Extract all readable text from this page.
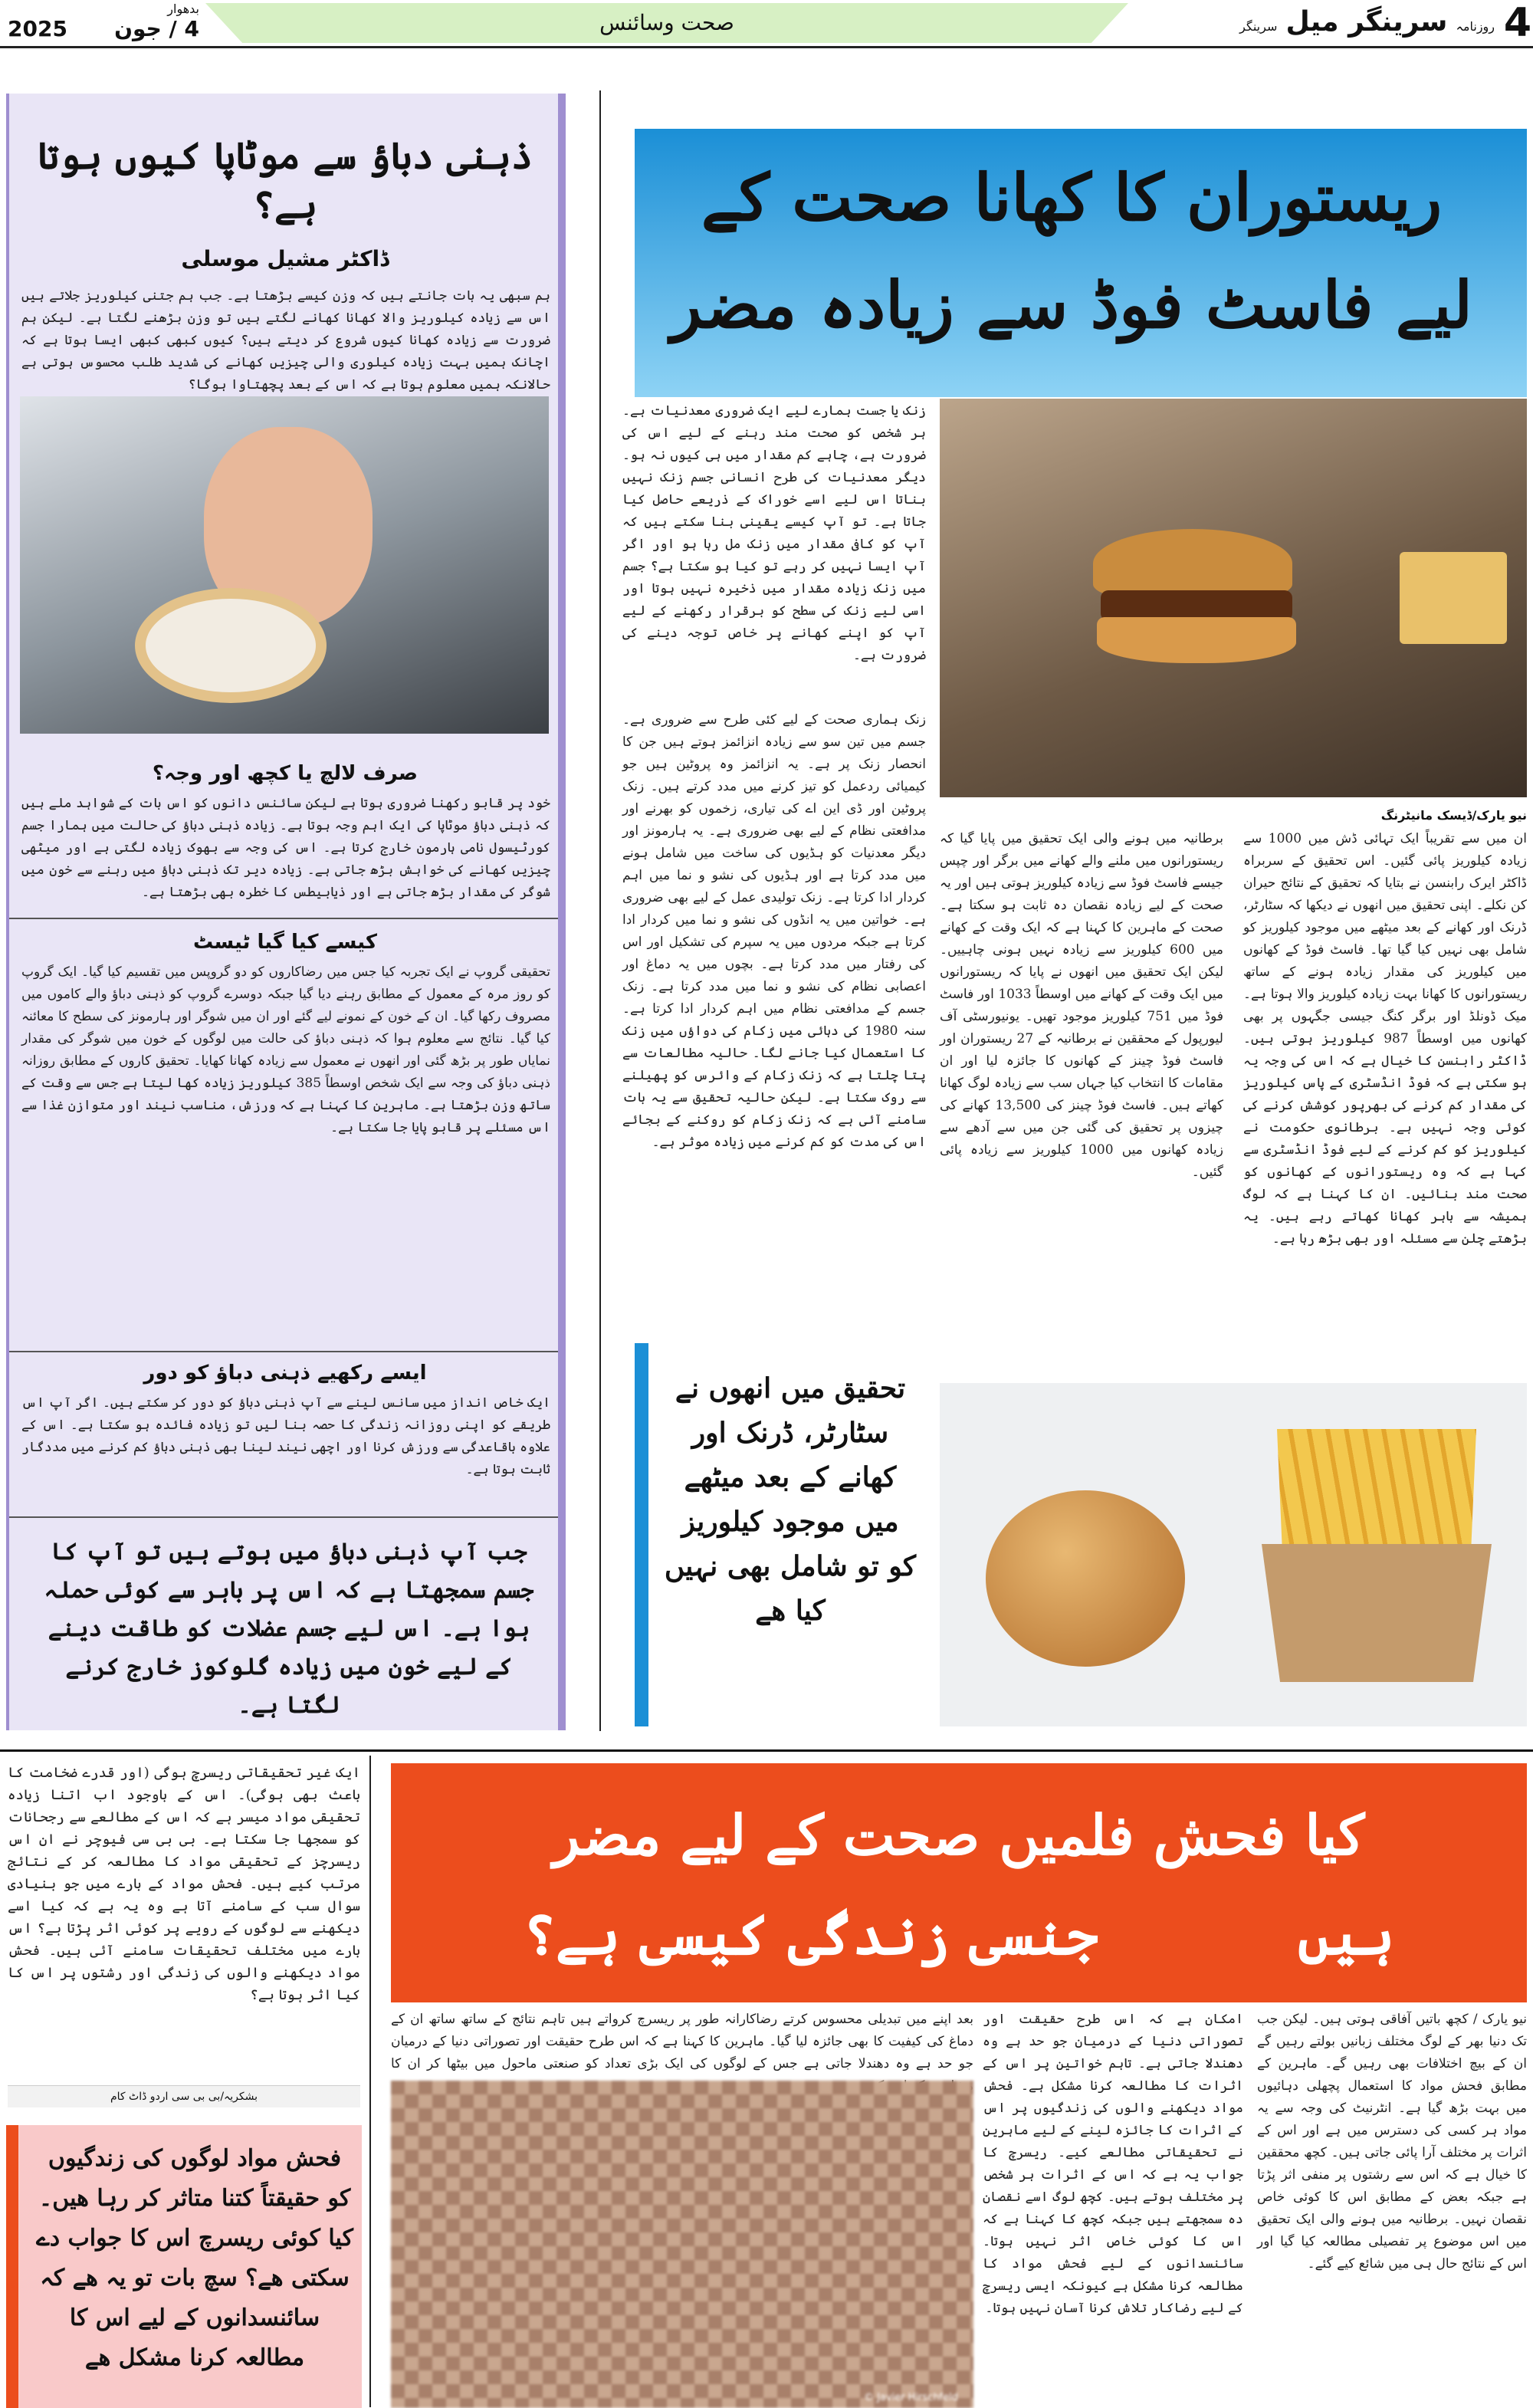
4
روزنامہ سرینگر میل سرینگر
صحت وسائنس
بدھوار
2025 4 / جون
ذہنی دباؤ سے موٹاپا کیوں ہوتا ہے؟
ڈاکٹر مشیل موسلی
ہم سبھی یہ بات جانتے ہیں کہ وزن کیسے بڑھتا ہے۔ جب ہم جتنی کیلوریز جلاتے ہیں اس سے زیادہ کیلوریز والا کھانا کھانے لگتے ہیں تو وزن بڑھنے لگتا ہے۔ لیکن ہم ضرورت سے زیادہ کھانا کیوں شروع کر دیتے ہیں؟ کیوں کبھی کبھی ایسا ہوتا ہے کہ اچانک ہمیں بہت زیادہ کیلوری والی چیزیں کھانے کی شدید طلب محسوس ہوتی ہے حالانکہ ہمیں معلوم ہوتا ہے کہ اس کے بعد پچھتاوا ہوگا؟
صرف لالچ یا کچھ اور وجہ؟
خود پر قابو رکھنا ضروری ہوتا ہے لیکن سائنس دانوں کو اس بات کے شواہد ملے ہیں کہ ذہنی دباؤ موٹاپا کی ایک اہم وجہ ہوتا ہے۔ زیادہ ذہنی دباؤ کی حالت میں ہمارا جسم کورٹیسول نامی ہارمون خارج کرتا ہے۔ اس کی وجہ سے بھوک زیادہ لگتی ہے اور میٹھی چیزیں کھانے کی خواہش بڑھ جاتی ہے۔ زیادہ دیر تک ذہنی دباؤ میں رہنے سے خون میں شوگر کی مقدار بڑھ جاتی ہے اور ذیابیطس کا خطرہ بھی بڑھتا ہے۔
کیسے کیا گیا ٹیسٹ
تحقیقی گروپ نے ایک تجربہ کیا جس میں رضاکاروں کو دو گروپس میں تقسیم کیا گیا۔ ایک گروپ کو روز مرہ کے معمول کے مطابق رہنے دیا گیا جبکہ دوسرے گروپ کو ذہنی دباؤ والے کاموں میں مصروف رکھا گیا۔ ان کے خون کے نمونے لیے گئے اور ان میں شوگر اور ہارمونز کی سطح کا معائنہ کیا گیا۔ نتائج سے معلوم ہوا کہ ذہنی دباؤ کی حالت میں لوگوں کے خون میں شوگر کی مقدار نمایاں طور پر بڑھ گئی اور انھوں نے معمول سے زیادہ کھانا کھایا۔ تحقیق کاروں کے مطابق روزانہ ذہنی دباؤ کی وجہ سے ایک شخص اوسطاً 385 کیلوریز زیادہ کھا لیتا ہے جس سے وقت کے ساتھ وزن بڑھتا ہے۔ ماہرین کا کہنا ہے کہ ورزش، مناسب نیند اور متوازن غذا سے اس مسئلے پر قابو پایا جا سکتا ہے۔
ایسے رکھیے ذہنی دباؤ کو دور
ایک خاص انداز میں سانس لینے سے آپ ذہنی دباؤ کو دور کر سکتے ہیں۔ اگر آپ اس طریقے کو اپنی روزانہ زندگی کا حصہ بنا لیں تو زیادہ فائدہ ہو سکتا ہے۔ اس کے علاوہ باقاعدگی سے ورزش کرنا اور اچھی نیند لینا بھی ذہنی دباؤ کم کرنے میں مددگار ثابت ہوتا ہے۔
جب آپ ذہنی دباؤ میں ہوتے ہیں تو آپ کا جسم سمجھتا ہے کہ اس پر باہر سے کوئی حملہ ہوا ہے۔ اس لیے جسم عضلات کو طاقت دینے کے لیے خون میں زیادہ گلوکوز خارج کرنے لگتا ہے۔
ریستوران کا کھانا صحت کے
لیے فاسٹ فوڈ سے زیادہ مضر
زنک یا جست ہمارے لیے ایک ضروری معدنیات ہے۔ ہر شخص کو صحت مند رہنے کے لیے اس کی ضرورت ہے، چاہے کم مقدار میں ہی کیوں نہ ہو۔ دیگر معدنیات کی طرح انسانی جسم زنک نہیں بناتا اس لیے اسے خوراک کے ذریعے حاصل کیا جاتا ہے۔ تو آپ کیسے یقینی بنا سکتے ہیں کہ آپ کو کافی مقدار میں زنک مل رہا ہو اور اگر آپ ایسا نہیں کر رہے تو کیا ہو سکتا ہے؟ جسم میں زنک زیادہ مقدار میں ذخیرہ نہیں ہوتا اور اسی لیے زنک کی سطح کو برقرار رکھنے کے لیے آپ کو اپنے کھانے پر خاص توجہ دینے کی ضرورت ہے۔
زنک ہماری صحت کے لیے کئی طرح سے ضروری ہے۔ جسم میں تین سو سے زیادہ انزائمز ہوتے ہیں جن کا انحصار زنک پر ہے۔ یہ انزائمز وہ پروٹین ہیں جو کیمیائی ردعمل کو تیز کرنے میں مدد کرتے ہیں۔ زنک پروٹین اور ڈی این اے کی تیاری، زخموں کو بھرنے اور مدافعتی نظام کے لیے بھی ضروری ہے۔ یہ ہارمونز اور دیگر معدنیات کو ہڈیوں کی ساخت میں شامل ہونے میں مدد کرتا ہے اور ہڈیوں کی نشو و نما میں اہم کردار ادا کرتا ہے۔ زنک تولیدی عمل کے لیے بھی ضروری ہے۔ خواتین میں یہ انڈوں کی نشو و نما میں کردار ادا کرتا ہے جبکہ مردوں میں یہ سپرم کی تشکیل اور اس کی رفتار میں مدد کرتا ہے۔ بچوں میں یہ دماغ اور اعصابی نظام کی نشو و نما میں مدد کرتا ہے۔ زنک جسم کے مدافعتی نظام میں اہم کردار ادا کرتا ہے۔ سنہ 1980 کی دہائی میں زکام کی دواؤں میں زنک کا استعمال کیا جانے لگا۔ حالیہ مطالعات سے پتا چلتا ہے کہ زنک زکام کے وائرس کو پھیلنے سے روک سکتا ہے۔ لیکن حالیہ تحقیق سے یہ بات سامنے آئی ہے کہ زنک زکام کو روکنے کے بجائے اس کی مدت کو کم کرنے میں زیادہ موثر ہے۔
نیو یارک/ڈیسک مانیٹرنگ
برطانیہ میں ہونے والی ایک تحقیق میں پایا گیا کہ ریستورانوں میں ملنے والے کھانے میں برگر اور چپس جیسے فاسٹ فوڈ سے زیادہ کیلوریز ہوتی ہیں اور یہ صحت کے لیے زیادہ نقصان دہ ثابت ہو سکتا ہے۔ صحت کے ماہرین کا کہنا ہے کہ ایک وقت کے کھانے میں 600 کیلوریز سے زیادہ نہیں ہونی چاہییں۔ لیکن ایک تحقیق میں انھوں نے پایا کہ ریستورانوں میں ایک وقت کے کھانے میں اوسطاً 1033 اور فاسٹ فوڈ میں 751 کیلوریز موجود تھیں۔ یونیورسٹی آف لیورپول کے محققین نے برطانیہ کے 27 ریستوران اور فاسٹ فوڈ چینز کے کھانوں کا جائزہ لیا اور ان مقامات کا انتخاب کیا جہاں سب سے زیادہ لوگ کھانا کھاتے ہیں۔ فاسٹ فوڈ چینز کی 13,500 کھانے کی چیزوں پر تحقیق کی گئی جن میں سے آدھے سے زیادہ کھانوں میں 1000 کیلوریز سے زیادہ پائی گئیں۔
ان میں سے تقریباً ایک تہائی ڈش میں 1000 سے زیادہ کیلوریز پائی گئیں۔ اس تحقیق کے سربراہ ڈاکٹر ایرک رابنسن نے بتایا کہ تحقیق کے نتائج حیران کن نکلے۔ اپنی تحقیق میں انھوں نے دیکھا کہ سٹارٹر، ڈرنک اور کھانے کے بعد میٹھے میں موجود کیلوریز کو شامل بھی نہیں کیا گیا تھا۔ فاسٹ فوڈ کے کھانوں میں کیلوریز کی مقدار زیادہ ہونے کے ساتھ ریستورانوں کا کھانا بہت زیادہ کیلوریز والا ہوتا ہے۔ میک ڈونلڈ اور برگر کنگ جیسی جگہوں پر بھی کھانوں میں اوسطاً 987 کیلوریز ہوتی ہیں۔ ڈاکٹر رابنسن کا خیال ہے کہ اس کی وجہ یہ ہو سکتی ہے کہ فوڈ انڈسٹری کے پاس کیلوریز کی مقدار کم کرنے کی بھرپور کوشش کرنے کی کوئی وجہ نہیں ہے۔ برطانوی حکومت نے کیلوریز کو کم کرنے کے لیے فوڈ انڈسٹری سے کہا ہے کہ وہ ریستورانوں کے کھانوں کو صحت مند بنائیں۔ ان کا کہنا ہے کہ لوگ ہمیشہ سے باہر کھانا کھاتے رہے ہیں۔ یہ بڑھتے چلن سے مسئلہ اور بھی بڑھ رہا ہے۔
تحقیق میں انھوں نے سٹارٹر، ڈرنک اور کھانے کے بعد میٹھے میں موجود کیلوریز کو تو شامل بھی نہیں کیا ھے
ایک غیر تحقیقاتی ریسرچ ہوگی (اور قدرے ضخامت کا باعث بھی ہوگی)۔ اس کے باوجود اب اتنا زیادہ تحقیقی مواد میسر ہے کہ اس کے مطالعے سے رجحانات کو سمجھا جا سکتا ہے۔ بی بی سی فیوچر نے ان اس ریسرچز کے تحقیقی مواد کا مطالعہ کر کے نتائج مرتب کیے ہیں۔ فحش مواد کے بارے میں جو بنیادی سوال سب کے سامنے آتا ہے وہ یہ ہے کہ کیا اسے دیکھنے سے لوگوں کے رویے پر کوئی اثر پڑتا ہے؟ اس بارے میں مختلف تحقیقات سامنے آئی ہیں۔ فحش مواد دیکھنے والوں کی زندگی اور رشتوں پر اس کا کیا اثر ہوتا ہے؟
بشکریہ/بی بی سی اردو ڈاٹ کام
فحش مواد لوگوں کی زندگیوں کو حقیقتاً کتنا متاثر کر رہا ھیں۔ کیا کوئی ریسرچ اس کا جواب دے سکتی ھے؟ سچ بات تو یہ ھے کہ سائنسدانوں کے لیے اس کا مطالعہ کرنا مشکل ھے
کیا فحش فلمیں صحت کے لیے مضر
ہیں
جنسی زندگی کیسی ہے؟
بعد اپنے میں تبدیلی محسوس کرتے رضاکارانہ طور پر ریسرچ کرواتے ہیں تاہم نتائج کے ساتھ ساتھ ان کے دماغ کی کیفیت کا بھی جائزہ لیا گیا۔ ماہرین کا کہنا ہے کہ اس طرح حقیقت اور تصوراتی دنیا کے درمیان جو حد ہے وہ دھندلا جاتی ہے جس کے لوگوں کی ایک بڑی تعداد کو صنعتی ماحول میں بیٹھا کر ان کا
© Javier Hirschfeld
امکان ہے کہ اس طرح حقیقت اور تصوراتی دنیا کے درمیان جو حد ہے وہ دھندلا جاتی ہے۔ تاہم خواتین پر اس کے اثرات کا مطالعہ کرنا مشکل ہے۔ فحش مواد دیکھنے والوں کی زندگیوں پر اس کے اثرات کا جائزہ لینے کے لیے ماہرین نے تحقیقاتی مطالعے کیے۔ ریسرچ کا جواب یہ ہے کہ اس کے اثرات ہر شخص پر مختلف ہوتے ہیں۔ کچھ لوگ اسے نقصان دہ سمجھتے ہیں جبکہ کچھ کا کہنا ہے کہ اس کا کوئی خاص اثر نہیں ہوتا۔ سائنسدانوں کے لیے فحش مواد کا مطالعہ کرنا مشکل ہے کیونکہ ایسی ریسرچ کے لیے رضاکار تلاش کرنا آسان نہیں ہوتا۔
نیو یارک / کچھ باتیں آفاقی ہوتی ہیں۔ لیکن جب تک دنیا بھر کے لوگ مختلف زبانیں بولتے رہیں گے ان کے بیچ اختلافات بھی رہیں گے۔ ماہرین کے مطابق فحش مواد کا استعمال پچھلی دہائیوں میں بہت بڑھ گیا ہے۔ انٹرنیٹ کی وجہ سے یہ مواد ہر کسی کی دسترس میں ہے اور اس کے اثرات پر مختلف آرا پائی جاتی ہیں۔ کچھ محققین کا خیال ہے کہ اس سے رشتوں پر منفی اثر پڑتا ہے جبکہ بعض کے مطابق اس کا کوئی خاص نقصان نہیں۔ برطانیہ میں ہونے والی ایک تحقیق میں اس موضوع پر تفصیلی مطالعہ کیا گیا اور اس کے نتائج حال ہی میں شائع کیے گئے۔
